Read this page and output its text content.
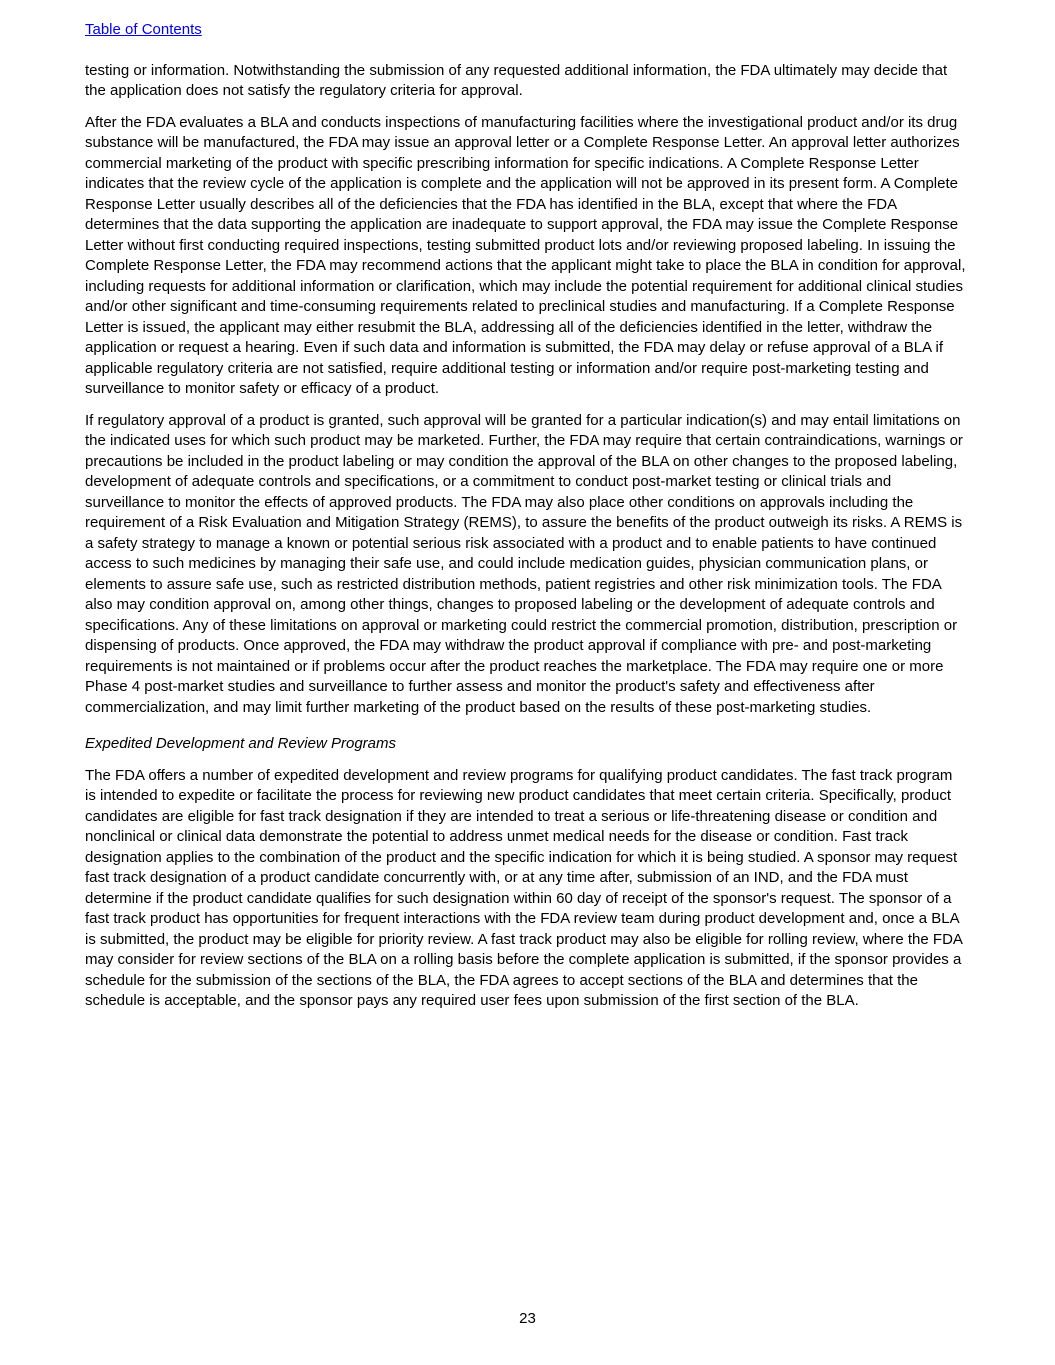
Table of Contents

testing or information. Notwithstanding the submission of any requested additional information, the FDA ultimately may decide that the application does not satisfy the regulatory criteria for approval.

After the FDA evaluates a BLA and conducts inspections of manufacturing facilities where the investigational product and/or its drug substance will be manufactured, the FDA may issue an approval letter or a Complete Response Letter. An approval letter authorizes commercial marketing of the product with specific prescribing information for specific indications. A Complete Response Letter indicates that the review cycle of the application is complete and the application will not be approved in its present form. A Complete Response Letter usually describes all of the deficiencies that the FDA has identified in the BLA, except that where the FDA determines that the data supporting the application are inadequate to support approval, the FDA may issue the Complete Response Letter without first conducting required inspections, testing submitted product lots and/or reviewing proposed labeling. In issuing the Complete Response Letter, the FDA may recommend actions that the applicant might take to place the BLA in condition for approval, including requests for additional information or clarification, which may include the potential requirement for additional clinical studies and/or other significant and time-consuming requirements related to preclinical studies and manufacturing. If a Complete Response Letter is issued, the applicant may either resubmit the BLA, addressing all of the deficiencies identified in the letter, withdraw the application or request a hearing. Even if such data and information is submitted, the FDA may delay or refuse approval of a BLA if applicable regulatory criteria are not satisfied, require additional testing or information and/or require post-marketing testing and surveillance to monitor safety or efficacy of a product.

If regulatory approval of a product is granted, such approval will be granted for a particular indication(s) and may entail limitations on the indicated uses for which such product may be marketed. Further, the FDA may require that certain contraindications, warnings or precautions be included in the product labeling or may condition the approval of the BLA on other changes to the proposed labeling, development of adequate controls and specifications, or a commitment to conduct post-market testing or clinical trials and surveillance to monitor the effects of approved products. The FDA may also place other conditions on approvals including the requirement of a Risk Evaluation and Mitigation Strategy (REMS), to assure the benefits of the product outweigh its risks. A REMS is a safety strategy to manage a known or potential serious risk associated with a product and to enable patients to have continued access to such medicines by managing their safe use, and could include medication guides, physician communication plans, or elements to assure safe use, such as restricted distribution methods, patient registries and other risk minimization tools. The FDA also may condition approval on, among other things, changes to proposed labeling or the development of adequate controls and specifications. Any of these limitations on approval or marketing could restrict the commercial promotion, distribution, prescription or dispensing of products. Once approved, the FDA may withdraw the product approval if compliance with pre- and post-marketing requirements is not maintained or if problems occur after the product reaches the marketplace. The FDA may require one or more Phase 4 post-market studies and surveillance to further assess and monitor the product's safety and effectiveness after commercialization, and may limit further marketing of the product based on the results of these post-marketing studies.

Expedited Development and Review Programs

The FDA offers a number of expedited development and review programs for qualifying product candidates. The fast track program is intended to expedite or facilitate the process for reviewing new product candidates that meet certain criteria. Specifically, product candidates are eligible for fast track designation if they are intended to treat a serious or life-threatening disease or condition and nonclinical or clinical data demonstrate the potential to address unmet medical needs for the disease or condition. Fast track designation applies to the combination of the product and the specific indication for which it is being studied. A sponsor may request fast track designation of a product candidate concurrently with, or at any time after, submission of an IND, and the FDA must determine if the product candidate qualifies for such designation within 60 day of receipt of the sponsor's request. The sponsor of a fast track product has opportunities for frequent interactions with the FDA review team during product development and, once a BLA is submitted, the product may be eligible for priority review. A fast track product may also be eligible for rolling review, where the FDA may consider for review sections of the BLA on a rolling basis before the complete application is submitted, if the sponsor provides a schedule for the submission of the sections of the BLA, the FDA agrees to accept sections of the BLA and determines that the schedule is acceptable, and the sponsor pays any required user fees upon submission of the first section of the BLA.

23
